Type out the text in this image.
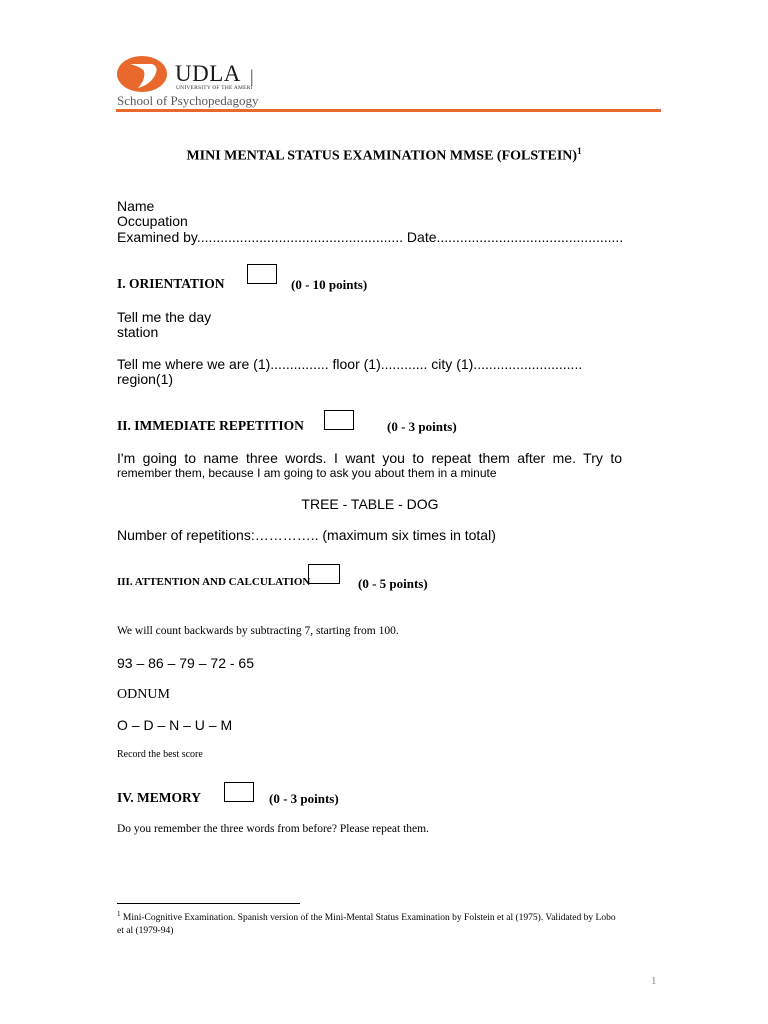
UDLA
UNIVERSITY OF THE AMERI
|
School of Psychopedagogy
MINI MENTAL STATUS EXAMINATION MMSE (FOLSTEIN)$^1$
Name
Occupation
Examined by..................................................... Date................................................
I. ORIENTATION	(0 - 10 points)
Tell me the day
station
Tell me where we are (1)............... floor (1)............ city (1)............................
region(1)
II. IMMEDIATE REPETITION	(0 - 3 points)
I'm going to name three words. I want you to repeat them after me. Try to
remember them, because I am going to ask you about them in a minute
TREE - TABLE - DOG
Number of repetitions:………….. (maximum six times in total)
III. ATTENTION AND CALCULATION	(0 - 5 points)
We will count backwards by subtracting 7, starting from 100.
93 – 86 – 79 – 72 - 65
ODNUM
O – D – N – U – M
Record the best score
IV. MEMORY	(0 - 3 points)
Do you remember the three words from before? Please repeat them.
$^1$ Mini-Cognitive Examination. Spanish version of the Mini-Mental Status Examination by Folstein et al (1975). Validated by Lobo et al (1979-94)
1
